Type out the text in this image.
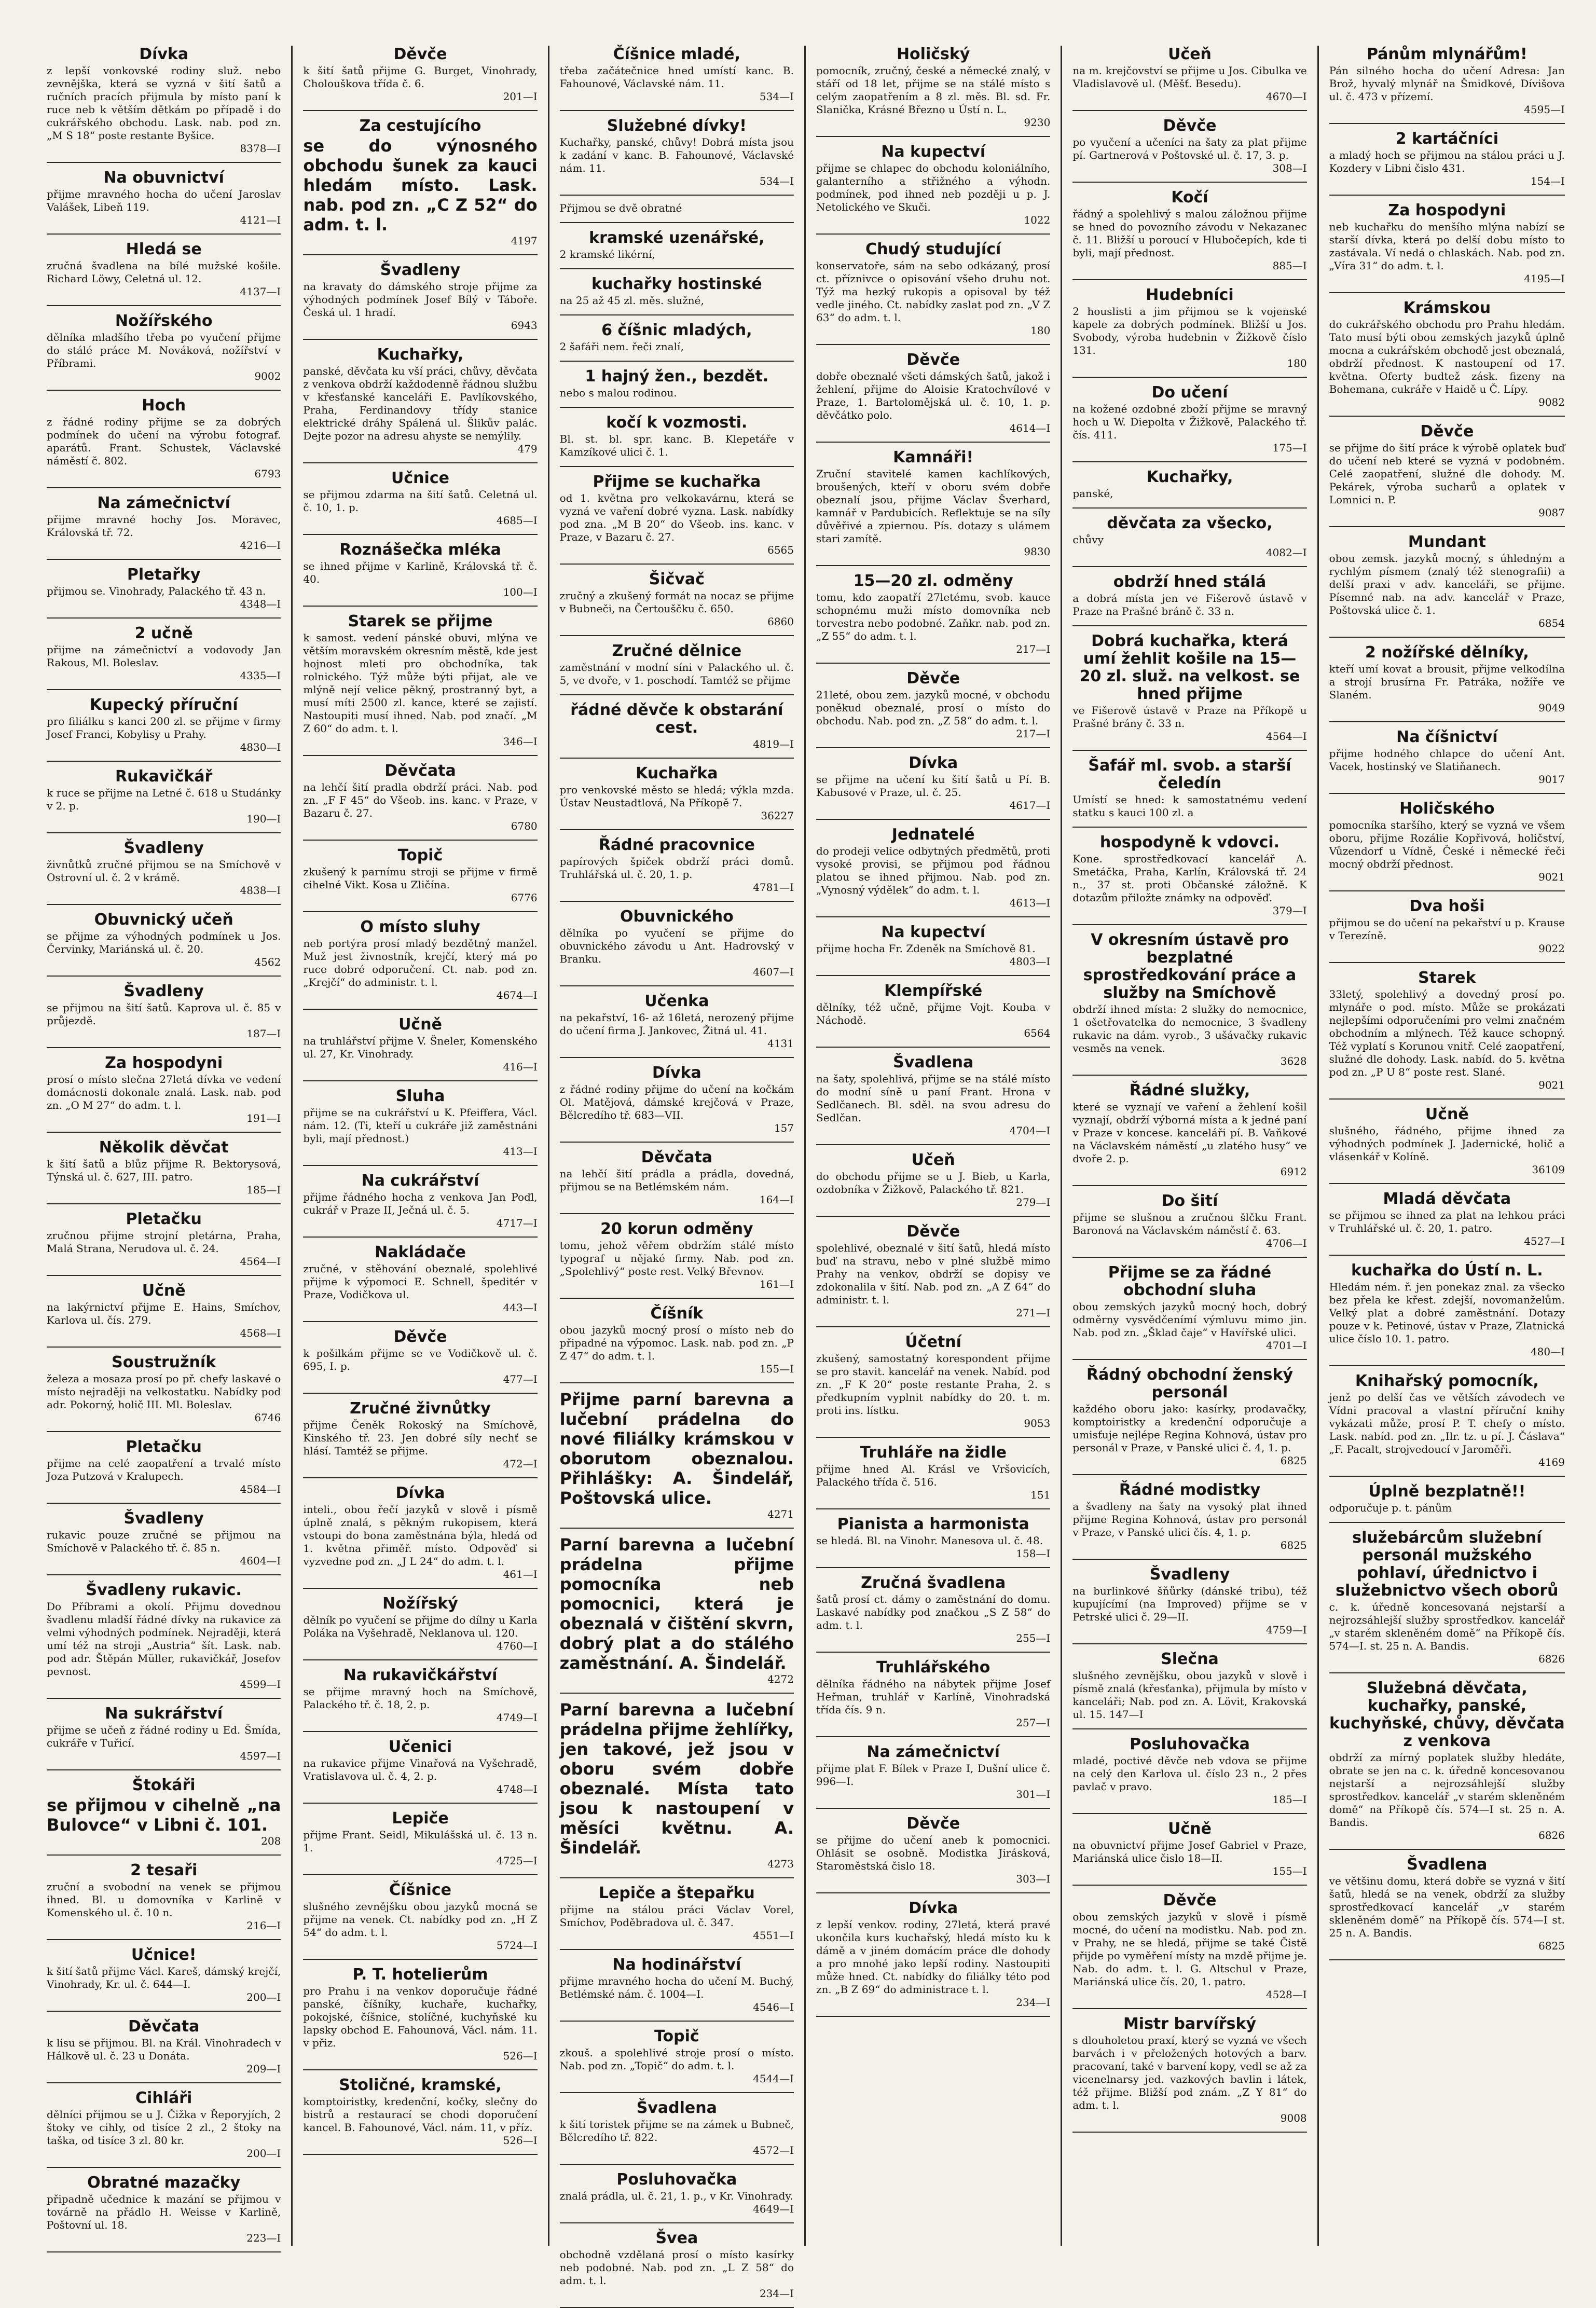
Dívka
z lepší vonkovské rodiny služ. nebo zevnějška, která se vyzná v šití šatů a ručních pracích přijmula by místo paní k ruce neb k větším dětkám po případě i do cukrářského obchodu. Lask. nab. pod zn. „M S 18“ poste restante Byšice.
8378—I
Na obuvnictví
přijme mravného hocha do učení Jaroslav Valášek, Libeň 119.
4121—I
Hledá se
zručná švadlena na bílé mužské košile. Richard Löwy, Celetná ul. 12.
4137—I
Nožířského
dělníka mladšího třeba po vyučení přijme do stálé práce M. Nováková, nožířství v Příbrami.
9002
Hoch
z řádné rodiny přijme se za dobrých podmínek do učení na výrobu fotograf. aparátů. Frant. Schustek, Václavské náměstí č. 802.
6793
Na zámečnictví
přijme mravné hochy Jos. Moravec, Královská tř. 72.
4216—I
Pletařky
přijmou se. Vinohrady, Palackého tř. 43 n.
4348—I
2 učně
přijme na zámečnictví a vodovody Jan Rakous, Ml. Boleslav.
4335—I
Kupecký příruční
pro filiálku s kanci 200 zl. se přijme v firmy Josef Franci, Kobylisy u Prahy.
4830—I
Rukavičkář
k ruce se přijme na Letné č. 618 u Studánky v 2. p.
190—I
Švadleny
živnůtků zručné přijmou se na Smíchově v Ostrovní ul. č. 2 v krámě.
4838—I
Obuvnický učeň
se přijme za výhodných podmínek u Jos. Červinky, Mariánská ul. č. 20.
4562
Švadleny
se přijmou na šití šatů. Kaprova ul. č. 85 v průjezdě.
187—I
Za hospodyni
prosí o místo slečna 27letá dívka ve vedení domácnosti dokonale znalá. Lask. nab. pod zn. „O M 27“ do adm. t. l.
191—I
Několik děvčat
k šití šatů a blůz přijme R. Bektorysová, Týnská ul. č. 627, III. patro.
185—I
Pletačku
zručnou přijme strojní pletárna, Praha, Malá Strana, Nerudova ul. č. 24.
4564—I
Učně
na lakýrnictví přijme E. Hains, Smíchov, Karlova ul. čís. 279.
4568—I
Soustružník
železa a mosaza prosí po př. chefy laskavé o místo nejraději na velkostatku. Nabídky pod adr. Pokorný, holič III. Ml. Boleslav.
6746
Pletačku
přijme na celé zaopatření a trvalé místo Joza Putzová v Kralupech.
4584—I
Švadleny
rukavic pouze zručné se přijmou na Smíchově v Palackého tř. č. 85 n.
4604—I
Švadleny rukavic.
Do Příbrami a okolí. Přijmu dovednou švadlenu mladší řádné dívky na rukavice za velmi výhodných podmínek. Nejraději, která umí též na stroji „Austria“ šít. Lask. nab. pod adr. Štěpán Müller, rukavičkář, Josefov pevnost.
4599—I
Na sukrářství
přijme se učeň z řádné rodiny u Ed. Šmída, cukráře v Tuřicí.
4597—I
Štokáři
se přijmou v cihelně „na Bulovce“ v Libni č. 101.
208
2 tesaři
zruční a svobodní na venek se přijmou ihned. Bl. u domovníka v Karlině v Komenského ul. č. 10 n.
216—I
Učnice!
k šití šatů přijme Václ. Kareš, dámský krejčí, Vinohrady, Kr. ul. č. 644—I.
200—I
Děvčata
k lisu se přijmou. Bl. na Král. Vinohradech v Hálkově ul. č. 23 u Donáta.
209—I
Cihláři
dělníci přijmou se u J. Čižka v Řeporyjích, 2 štoky ve cihly, od tisíce 2 zl., 2 štoky na taška, od tisíce 3 zl. 80 kr.
200—I
Obratné mazačky
připadně učednice k mazání se přijmou v továrně na přádlo H. Weisse v Karlině, Poštovní ul. 18.
223—I
Děvče
k šití šatů přijme G. Burget, Vinohrady, Cholouškova třída č. 6.
201—I
Za cestujícího
se do výnosného obchodu šunek za kauci hledám místo. Lask. nab. pod zn. „C Z 52“ do adm. t. l.
4197
Švadleny
na kravaty do dámského stroje přijme za výhodných podmínek Josef Bílý v Táboře. Česká ul. 1 hradí.
6943
Kuchařky,
panské, děvčata ku vší práci, chůvy, děvčata z venkova obdrží každodenně řádnou službu v křesťanské kanceláři E. Pavlíkovského, Praha, Ferdinandovy třídy stanice elektrické dráhy Spálená ul. Šlikův palác. Dejte pozor na adresu ahyste se nemýlily.
479
Učnice
se přijmou zdarma na šití šatů. Celetná ul. č. 10, 1. p.
4685—I
Roznášečka mléka
se ihned přijme v Karlině, Královská tř. č. 40.
100—I
Starek se přijme
k samost. vedení pánské obuvi, mlýna ve větším moravském okresním městě, kde jest hojnost mleti pro obchodníka, tak rolnického. Týž může býti přijat, ale ve mlýně nejí velice pěkný, prostranný byt, a musí míti 2500 zl. kance, které se zajistí. Nastoupiti musí ihned. Nab. pod značí. „M Z 60“ do adm. t. l.
346—I
Děvčata
na lehčí šití pradla obdrží práci. Nab. pod zn. „F F 45“ do Všeob. ins. kanc. v Praze, v Bazaru č. 27.
6780
Topič
zkušený k parnímu stroji se přijme v firmě cihelné Vikt. Kosa u Zličína.
6776
O místo sluhy
neb portýra prosí mladý bezdětný manžel. Muž jest živnostník, krejčí, který má po ruce dobré odporučení. Ct. nab. pod zn. „Krejčí“ do administr. t. l.
4674—I
Učně
na truhlářství přijme V. Šneler, Komenského ul. 27, Kr. Vinohrady.
416—I
Sluha
přijme se na cukrářství u K. Pfeiffera, Václ. nám. 12. (Ti, kteří u cukráře již zaměstnáni byli, mají přednost.)
413—I
Na cukrářství
přijme řádného hocha z venkova Jan Poďl, cukrář v Praze II, Ječná ul. č. 5.
4717—I
Nakládače
zručné, v stěhování obeznalé, spolehlivé přijme k výpomoci E. Schnell, špeditér v Praze, Vodičkova ul.
443—I
Děvče
k pošilkám přijme se ve Vodičkově ul. č. 695, I. p.
477—I
Zručné živnůtky
přijme Čeněk Rokoský na Smíchově, Kinského tř. 23. Jen dobré síly nechť se hlásí. Tamtéž se přijme.
472—I
Dívka
inteli., obou řečí jazyků v slově i písmě úplně znalá, s pěkným rukopisem, která vstoupi do bona zaměstnána býla, hledá od 1. května přiměř. místo. Odpověď si vyzvedne pod zn. „J L 24“ do adm. t. l.
461—I
Nožířský
dělník po vyučení se přijme do dílny u Karla Poláka na Vyšehradě, Neklanova ul. 120.
4760—I
Na rukavičkářství
se přijme mravný hoch na Smíchově, Palackého tř. č. 18, 2. p.
4749—I
Učenici
na rukavice přijme Vinařová na Vyšehradě, Vratislavova ul. č. 4, 2. p.
4748—I
Lepiče
přijme Frant. Seidl, Mikulášská ul. č. 13 n. 1.
4725—I
Číšnice
slušného zevnějšku obou jazyků mocná se přijme na venek. Ct. nabídky pod zn. „H Z 54“ do adm. t. l.
5724—I
P. T. hotelierům
pro Prahu i na venkov doporučuje řádné panské, číšníky, kuchaře, kuchařky, pokojské, číšnice, stolíčné, kuchyňské ku lapsky obchod E. Fahounová, Václ. nám. 11. v přiz.
526—I
Stoličné, kramské,
komptoiristky, kredenční, kočky, slečny do bistrů a restaurací se chodi doporučení kancel. B. Fahounové, Václ. nám. 11, v příz.
526—I
Číšnice mladé,
třeba začátečnice hned umístí kanc. B. Fahounové, Václavské nám. 11.
534—I
Služebné dívky!
Kuchařky, panské, chůvy! Dobrá místa jsou k zadání v kanc. B. Fahounové, Václavské nám. 11.
534—I
Přijmou se dvě obratné
kramské uzenářské,
2 kramské likérní,
kuchařky hostinské
na 25 až 45 zl. měs. služné,
6 číšnic mladých,
2 šafáři nem. řeči znalí,
1 hajný žen., bezdět.
nebo s malou rodinou.
kočí k vozmosti.
Bl. st. bl. spr. kanc. B. Klepetáře v Kamzíkové ulici č. 1.
Přijme se kuchařka
od 1. května pro velkokavárnu, která se vyzná ve vaření dobré vyzna. Lask. nabídky pod zna. „M B 20“ do Všeob. ins. kanc. v Praze, v Bazaru č. 27.
6565
Šičvač
zručný a zkušený formát na nocaz se přijme v Bubneči, na Čertouščku č. 650.
6860
Zručné dělnice
zaměstnání v modní síni v Palackého ul. č. 5, ve dvoře, v 1. poschodí. Tamtéž se přijme
řádné děvče k obstarání cest.
4819—I
Kuchařka
pro venkovské město se hledá; výkla mzda. Ústav Neustadtlová, Na Příkopě 7.
36227
Řádné pracovnice
papírových špiček obdrží práci domů. Truhlářská ul. č. 20, 1. p.
4781—I
Obuvnického
dělníka po vyučení se přijme do obuvnického závodu u Ant. Hadrovský v Branku.
4607—I
Učenka
na pekařství, 16- až 16letá, nerozený přijme do učení firma J. Jankovec, Žitná ul. 41.
4131
Dívka
z řádné rodiny přijme do učení na kočkám Ol. Matějová, dámské krejčová v Praze, Bělcredího tř. 683—VII.
157
Děvčata
na lehčí šití prádla a prádla, dovedná, přijmou se na Betlémském nám.
164—I
20 korun odměny
tomu, jehož věřem obdržím stálé místo typograf u nějaké firmy. Nab. pod zn. „Spolehlivý“ poste rest. Velký Břevnov.
161—I
Číšník
obou jazyků mocný prosí o místo neb do připadné na výpomoc. Lask. nab. pod zn. „P Z 47“ do adm. t. l.
155—I
Přijme parní barevna a lučební prádelna do nové filiálky krámskou v oborutom obeznalou. Přihlášky: A. Šindelář, Poštovská ulice.
4271
Parní barevna a lučební prádelna přijme pomocníka neb pomocnici, která je obeznalá v čištění skvrn, dobrý plat a do stálého zaměstnání. A. Šindelář.
4272
Parní barevna a lučební prádelna přijme žehlířky, jen takové, jež jsou v oboru svém dobře obeznalé. Místa tato jsou k nastoupení v měsíci květnu. A. Šindelář.
4273
Lepiče a štepařku
přijme na stálou práci Václav Vorel, Smíchov, Poděbradova ul. č. 347.
4551—I
Na hodinářství
přijme mravného hocha do učení M. Buchý, Betlémské nám. č. 1004—I.
4546—I
Topič
zkouš. a spolehlivé stroje prosí o místo. Nab. pod zn. „Topič“ do adm. t. l.
4544—I
Švadlena
k šití toristek přijme se na zámek u Bubneč, Bělcredího tř. 822.
4572—I
Posluhovačka
znalá prádla, ul. č. 21, 1. p., v Kr. Vinohrady.
4649—I
Švea
obchodně vzdělaná prosí o místo kasírky neb podobné. Nab. pod zn. „L Z 58“ do adm. t. l.
234—I
Holičský
pomocník, zručný, české a německé znalý, v stáří od 18 let, přijme se na stálé místo s celým zaopatřením a 8 zl. měs. Bl. sd. Fr. Slanička, Krásné Březno u Ústí n. L.
9230
Na kupectví
přijme se chlapec do obchodu koloniálního, galanterního a střižného a výhodn. podmínek, pod ihned neb později u p. J. Netolického ve Skuči.
1022
Chudý studující
konservatoře, sám na sebo odkázaný, prosí ct. příznivce o opisování všeho druhu not. Týž ma hezký rukopis a opisoval by též vedle jiného. Ct. nabídky zaslat pod zn. „V Z 63“ do adm. t. l.
180
Děvče
dobře obeznalé všeti dámských šatů, jakož i žehlení, přijme do Aloisie Kratochvílové v Praze, 1. Bartolomějská ul. č. 10, 1. p. děvčátko polo.
4614—I
Kamnáři!
Zruční stavitelé kamen kachlíkových, broušených, kteří v oboru svém dobře obeznalí jsou, přijme Václav Šverhard, kamnář v Pardubicích. Reflektuje se na síly důvěřivé a zpiernou. Pís. dotazy s ulámem stari zamítě.
9830
15—20 zl. odměny
tomu, kdo zaopatří 27letému, svob. kauce schopnému muži místo domovníka neb torvestra nebo podobné. Zaňkr. nab. pod zn. „Z 55“ do adm. t. l.
217—I
Děvče
21leté, obou zem. jazyků mocné, v obchodu poněkud obeznalé, prosí o místo do obchodu. Nab. pod zn. „Z 58“ do adm. t. l.
217—I
Dívka
se přijme na učení ku šití šatů u Pí. B. Kabusové v Praze, ul. č. 25.
4617—I
Jednatelé
do prodeji velice odbytných předmětů, proti vysoké provisi, se přijmou pod řádnou platou se ihned přijmou. Nab. pod zn. „Vynosný výdělek“ do adm. t. l.
4613—I
Na kupectví
přijme hocha Fr. Zdeněk na Smíchově 81.
4803—I
Klempířské
dělníky, též učně, přijme Vojt. Kouba v Náchodě.
6564
Švadlena
na šaty, spolehlivá, přijme se na stálé místo do modní síně u paní Frant. Hrona v Sedlčanech. Bl. sděl. na svou adresu do Sedlčan.
4704—I
Učeň
do obchodu přijme se u J. Bieb, u Karla, ozdobníka v Žižkově, Palackého tř. 821.
279—I
Děvče
spolehlivé, obeznalé v šití šatů, hledá místo buď na stravu, nebo v plné službě mimo Prahy na venkov, obdrží se dopisy ve zdokonalila v šití. Nab. pod zn. „A Z 64“ do administr. t. l.
271—I
Účetní
zkušený, samostatný korespondent přijme se pro stavit. kancelář na venek. Nabíd. pod zn. „F K 20“ poste restante Praha, 2. s předkupním vyplnit nabídky do 20. t. m. proti ins. lístku.
9053
Truhláře na židle
přijme hned Al. Krásl ve Vršovicích, Palackého třída č. 516.
151
Pianista a harmonista
se hledá. Bl. na Vinohr. Manesova ul. č. 48.
158—I
Zručná švadlena
šatů prosí ct. dámy o zaměstnání do domu. Laskavé nabídky pod značkou „S Z 58“ do adm. t. l.
255—I
Truhlářského
dělníka řádného na nábytek přijme Josef Heřman, truhlář v Karlíně, Vinohradská třída čís. 9 n.
257—I
Na zámečnictví
přijme plat F. Bílek v Praze I, Dušní ulice č. 996—I.
301—I
Děvče
se přijme do učení aneb k pomocnici. Ohlásit se osobně. Modistka Jirásková, Staroměstská čislo 18.
303—I
Dívka
z lepší venkov. rodiny, 27letá, která pravé ukončila kurs kuchařský, hledá místo ku k dámě a v jiném domácím práce dle dohody a pro mnohé jako lepší rodiny. Nastoupiti může hned. Ct. nabídky do filiálky této pod zn. „B Z 69“ do administrace t. l.
234—I
Učeň
na m. krejčovství se přijme u Jos. Cibulka ve Vladislavově ul. (Měšť. Besedu).
4670—I
Děvče
po vyučení a učeníci na šaty za plat přijme pí. Gartnerová v Poštovské ul. č. 17, 3. p.
308—I
Kočí
řádný a spolehlivý s malou záložnou přijme se hned do povozního závodu v Nekazanec č. 11. Bližší u poroucí v Hlubočepích, kde ti byli, mají přednost.
885—I
Hudebníci
2 houslisti a jim přijmou se k vojenské kapele za dobrých podmínek. Bližší u Jos. Svobody, výroba hudebnin v Žižkově číslo 131.
180
Do učení
na kožené ozdobné zboží přijme se mravný hoch u W. Diepolta v Žižkově, Palackého tř. čís. 411.
175—I
Kuchařky,
panské,
děvčata za všecko,
chůvy
4082—I
obdrží hned stálá
a dobrá místa jen ve Fišerově ústavě v Praze na Prašné bráně č. 33 n.
Dobrá kuchařka, která umí žehlit košile na 15—20 zl. služ. na velkost. se hned přijme
ve Fišerově ústavě v Praze na Příkopě u Prašné brány č. 33 n.
4564—I
Šafář ml. svob. a starší čeledín
Umístí se hned: k samostatnému vedení statku s kauci 100 zl. a
hospodyně k vdovci.
Kone. sprostředkovací kancelář A. Smetáčka, Praha, Karlín, Královská tř. 24 n., 37 st. proti Občanské záložně. K dotazům přiložte známky na odpověď.
379—I
V okresním ústavě pro bezplatné sprostředkování práce a služby na Smíchově
obdrží ihned místa: 2 služky do nemocnice, 1 ošetřovatelka do nemocnice, 3 švadleny rukavic na dám. vyrob., 3 ušávačky rukavic vesměs na venek.
3628
Řádné služky,
které se vyznají ve vaření a žehlení košil vyznají, obdrží výborná místa a k jedné paní v Praze v koncese. kanceláři pí. B. Vaňkové na Václavském náměstí „u zlatého husy“ ve dvoře 2. p.
6912
Do šití
přijme se slušnou a zručnou šlčku Frant. Baronová na Václavském náměstí č. 63.
4706—I
Přijme se za řádné obchodní sluha
obou zemských jazyků mocný hoch, dobrý odměrny vysvědčenímí výmluvu mimo jin. Nab. pod zn. „Šklad čaje“ v Havířské ulici.
4701—I
Řádný obchodní ženský personál
každého oboru jako: kasírky, prodavačky, komptoiristky a kredenční odporučuje a umisťuje nejlépe Regina Kohnová, ústav pro personál v Praze, v Panské ulici č. 4, 1. p.
6825
Řádné modistky
a švadleny na šaty na vysoký plat ihned přijme Regina Kohnová, ústav pro personál v Praze, v Panské ulici čís. 4, 1. p.
6825
Švadleny
na burlinkové šňůrky (dánské tribu), též kupujícímí (na Improved) přijme se v Petrské ulici č. 29—II.
4759—I
Slečna
slušného zevnějšku, obou jazyků v slově i písmě znalá (křesťanka), přijmula by místo v kanceláři; Nab. pod zn. A. Lövit, Krakovská ul. 15. 147—I
Posluhovačka
mladé, poctivé děvče neb vdova se přijme na celý den Karlova ul. číslo 23 n., 2 přes pavlač v pravo.
185—I
Učně
na obuvnictví přijme Josef Gabriel v Praze, Mariánská ulice čislo 18—II.
155—I
Děvče
obou zemských jazyků v slově i písmě mocné, do učení na modistku. Nab. pod zn. v Prahy, ne se hledá, přijme se také Čistě přijde po vyměření místy na mzdě přijme je. Nab. do adm. t. l. G. Altschul v Praze, Mariánská ulice čís. 20, 1. patro.
4528—I
Mistr barvířský
s dlouholetou praxí, který se vyzná ve všech barvách i v přeložených hotových a barv. pracovaní, také v barvení kopy, vedl se až za vicenelnarsy jed. vazkových bavlin i látek, též přijme. Bližší pod znám. „Z Y 81“ do adm. t. l.
9008
Pánům mlynářům!
Pán silného hocha do učení Adresa: Jan Brož, hyvalý mlynář na Šmidkové, Dívišova ul. č. 473 v přízemí.
4595—I
2 kartáčníci
a mladý hoch se přijmou na stálou práci u J. Kozdery v Libni čislo 431.
154—I
Za hospodyni
neb kuchařku do menšího mlýna nabízí se starší dívka, která po delší dobu místo to zastávala. Ví nedá o chlaskách. Nab. pod zn. „Víra 31“ do adm. t. l.
4195—I
Krámskou
do cukrářského obchodu pro Prahu hledám. Tato musí býti obou zemských jazyků úplně mocna a cukrářském obchodě jest obeznalá, obdrží přednost. K nastoupení od 17. května. Oferty budtež zásk. fizeny na Bohemana, cukráře v Haidě u Č. Lípy.
9082
Děvče
se přijme do šití práce k výrobě oplatek buď do učení neb které se vyzná v podobném. Celé zaopatření, služné dle dohody. M. Pekárek, výroba sucharů a oplatek v Lomnici n. P.
9087
Mundant
obou zemsk. jazyků mocný, s úhledným a rychlým písmem (znalý též stenografii) a delší praxi v adv. kanceláři, se přijme. Písemné nab. na adv. kancelář v Praze, Poštovská ulice č. 1.
6854
2 nožířské dělníky,
kteří umí kovat a brousit, přijme velkodílna a strojí brusírna Fr. Patráka, nožíře ve Slaném.
9049
Na číšnictví
přijme hodného chlapce do učení Ant. Vacek, hostinský ve Slatiňanech.
9017
Holičského
pomocníka staršího, který se vyzná ve všem oboru, přijme Rozálie Kopřivová, holičství, Vůzendorf u Vídně, České i německé řeči mocný obdrží přednost.
9021
Dva hoši
přijmou se do učení na pekařství u p. Krause v Terezíně.
9022
Starek
33letý, spolehlivý a dovedný prosí po. mlynáře o pod. místo. Může se prokázati nejlepšími odporučeními pro velmi značném obchodním a mlýnech. Též kauce schopný. Též vyplatí s Korunou vnitř. Celé zaopatření, služné dle dohody. Lask. nabíd. do 5. května pod zn. „P U 8“ poste rest. Slané.
9021
Učně
slušného, řádného, přijme ihned za výhodných podmínek J. Jadernické, holič a vlásenkář v Kolíně.
36109
Mladá děvčata
se přijmou se ihned za plat na lehkou práci v Truhlářské ul. č. 20, 1. patro.
4527—I
kuchařka do Ústí n. L.
Hledám ném. ř. jen ponekaz znal. za všecko bez přela ke křest. zdejší, novomanželům. Velký plat a dobré zaměstnání. Dotazy pouze v k. Petinové, ústav v Praze, Zlatnická ulice číslo 10. 1. patro.
480—I
Knihařský pomocník,
jenž po delší čas ve větších závodech ve Vídni pracoval a vlastní příruční knihy vykázati může, prosí P. T. chefy o místo. Lask. nabíd. pod zn. „Ilr. tz. u pí. J. Čáslava“ „F. Pacalt, strojvedoucí v Jaroměři.
4169
Úplně bezplatně!!
odporučuje p. t. pánům
služebárcům služební personál mužského pohlaví, úřednictvo i služebnictvo všech oborů
c. k. úředně koncesovaná nejstarší a nejrozsáhlejší služby sprostředkov. kancelář „v starém skleněném domě“ na Příkopě čís. 574—I. st. 25 n. A. Bandis.
6826
Služebná děvčata, kuchařky, panské, kuchyňské, chůvy, děvčata z venkova
obdrží za mírný poplatek služby hledáte, obrate se jen na c. k. úředně koncesovanou nejstarší a nejrozsáhlejší služby sprostředkov. kancelář „v starém skleněném domě“ na Příkopě čís. 574—I st. 25 n. A. Bandis.
6826
Švadlena
ve většinu domu, která dobře se vyzná v šití šatů, hledá se na venek, obdrží za služby sprostředkovací kancelář „v starém skleněném domě“ na Příkopě čís. 574—I st. 25 n. A. Bandis.
6825
